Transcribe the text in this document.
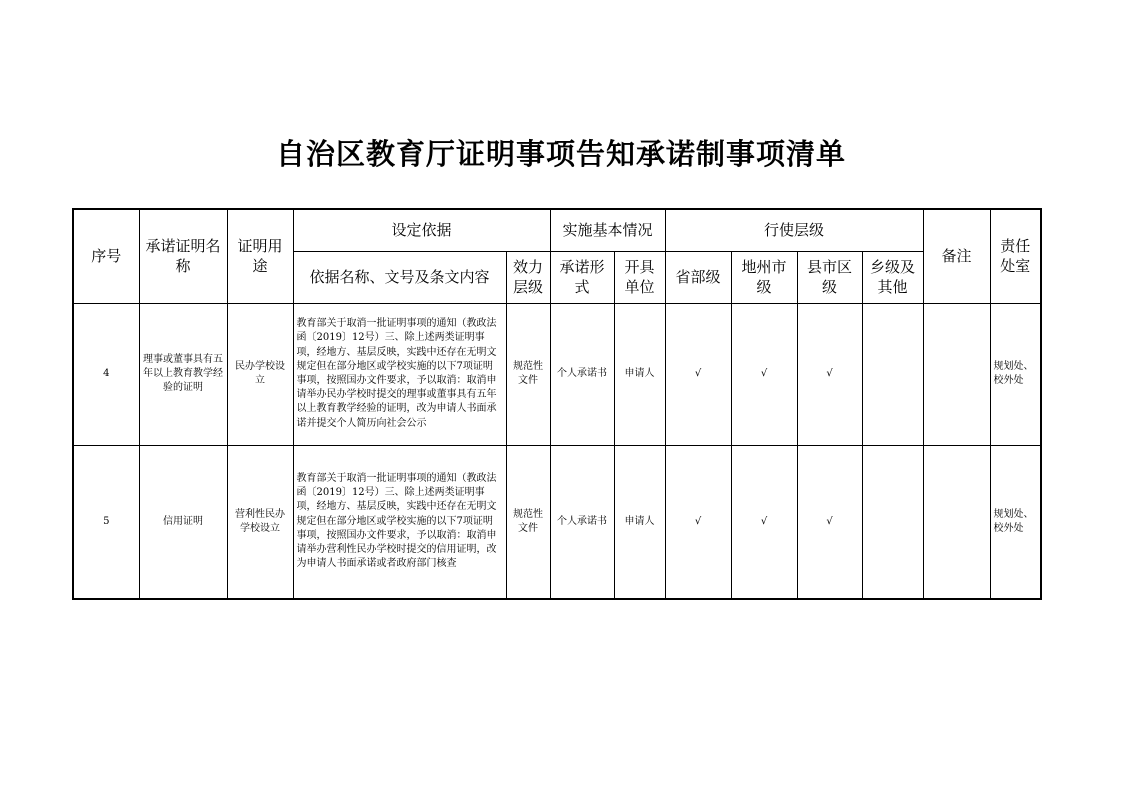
自治区教育厅证明事项告知承诺制事项清单
序号	承诺证明名称	证明用途	设定依据		实施基本情况		行使层级				备注	责任处室
			依据名称、文号及条文内容	效力层级	承诺形式	开具单位	省部级	地州市级	县市区级	乡级及其他		
4	理事或董事具有五年以上教育教学经验的证明	民办学校设立	教育部关于取消一批证明事项的通知（教政法函〔2019〕12号）三、除上述两类证明事项，经地方、基层反映，实践中还存在无明文规定但在部分地区或学校实施的以下7项证明事项，按照国办文件要求，予以取消：取消申请举办民办学校时提交的理事或董事具有五年以上教育教学经验的证明，改为申请人书面承诺并提交个人简历向社会公示	规范性文件	个人承诺书	申请人	√	√	√			规划处、校外处
5	信用证明	营利性民办学校设立	教育部关于取消一批证明事项的通知（教政法函〔2019〕12号）三、除上述两类证明事项，经地方、基层反映，实践中还存在无明文规定但在部分地区或学校实施的以下7项证明事项，按照国办文件要求，予以取消：取消申请举办营利性民办学校时提交的信用证明，改为申请人书面承诺或者政府部门核查	规范性文件	个人承诺书	申请人	√	√	√			规划处、校外处
